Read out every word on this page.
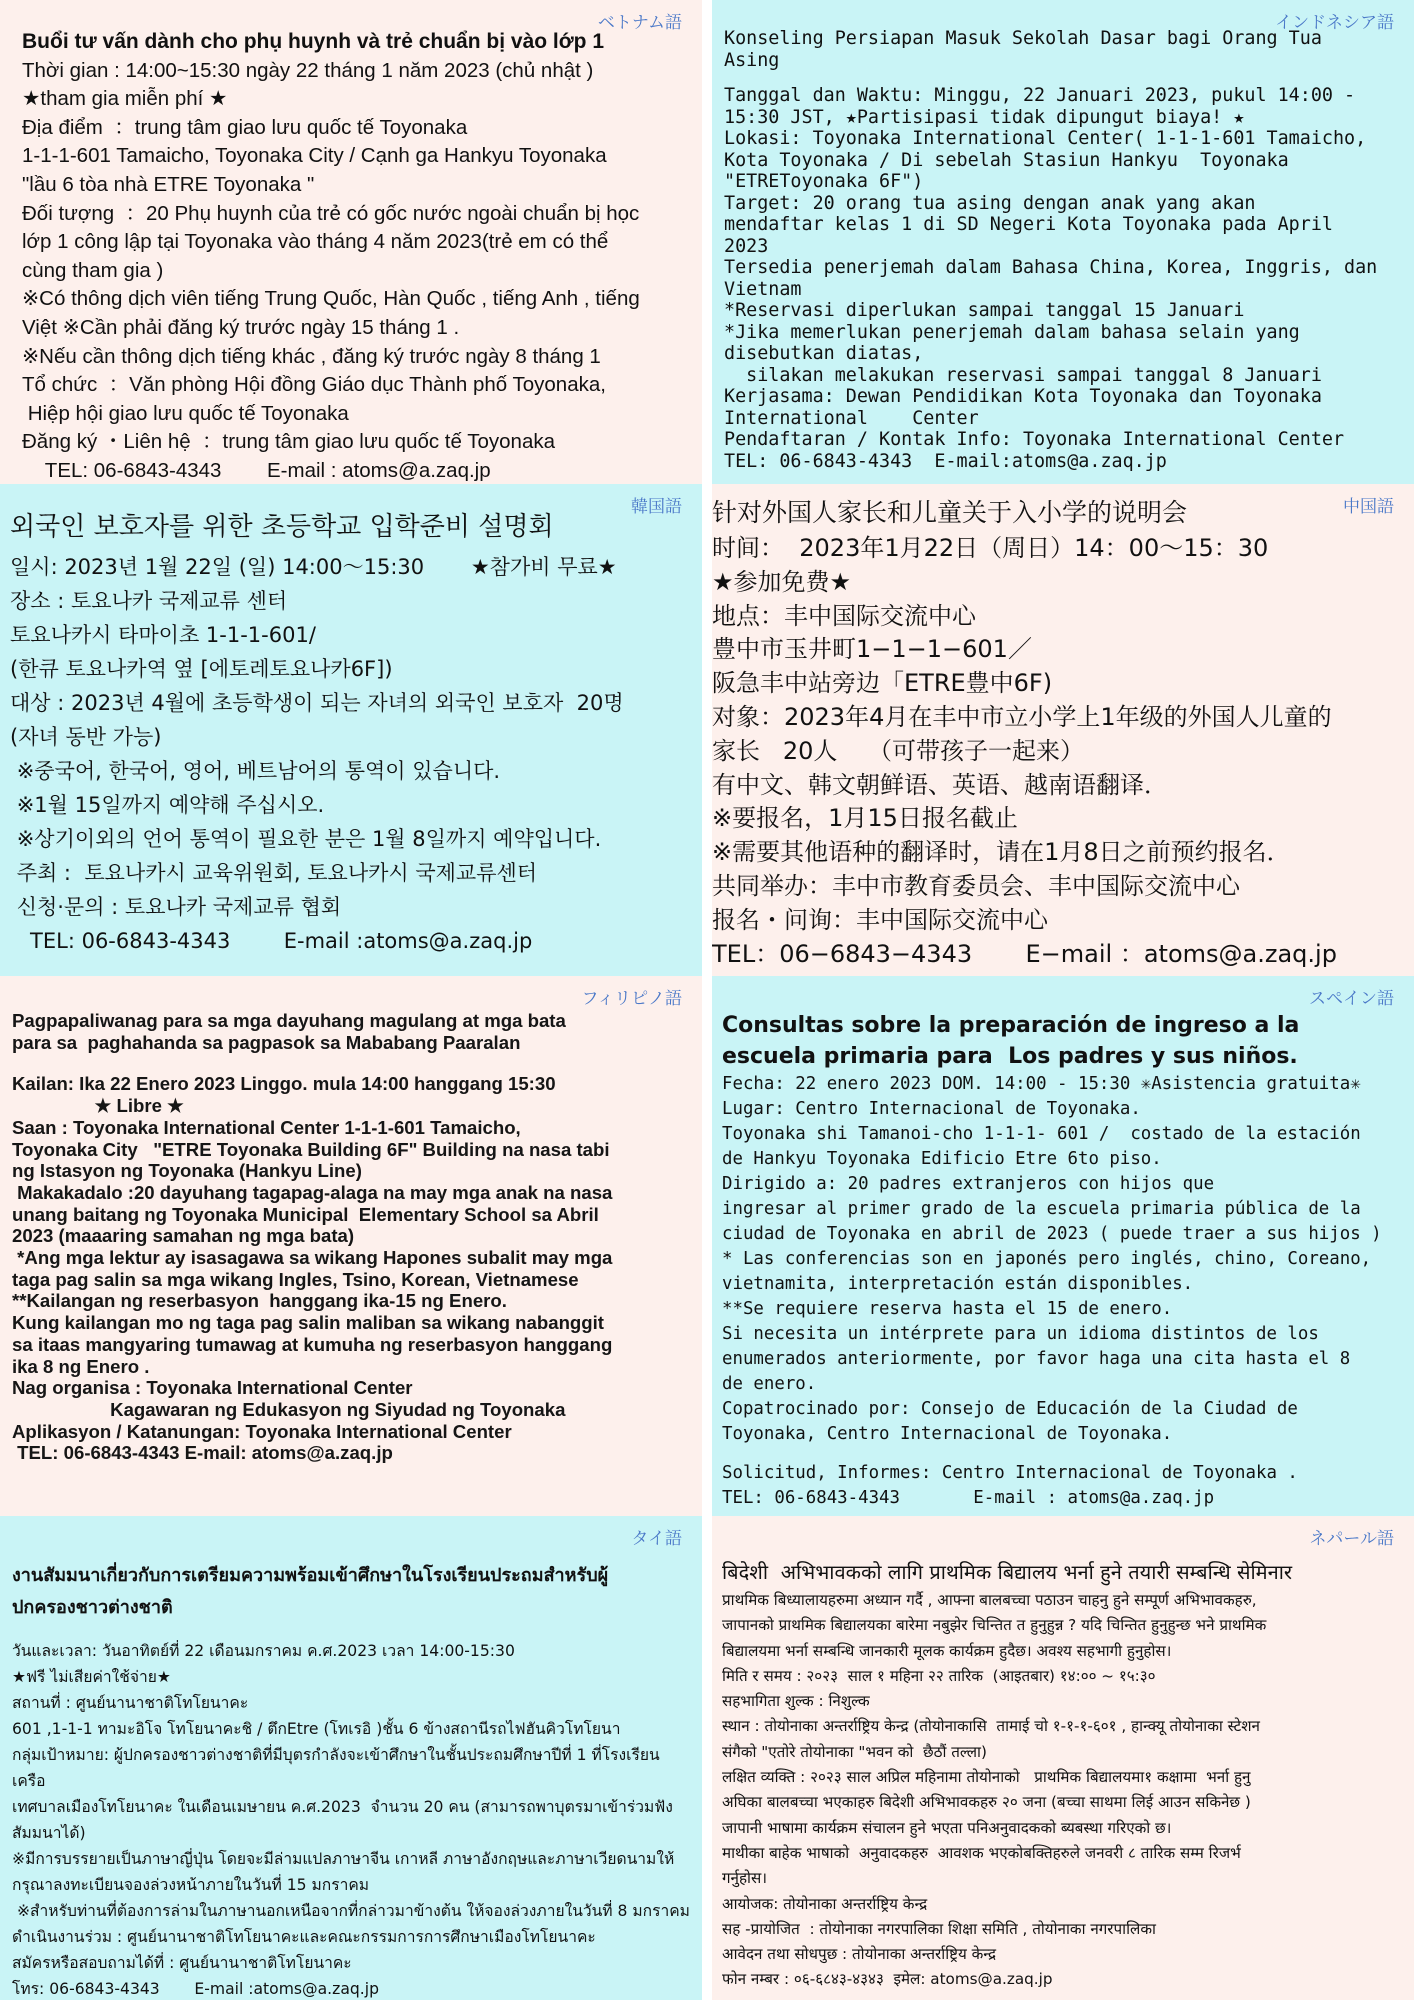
ベトナム語

Buổi tư vấn dành cho phụ huynh và trẻ chuẩn bị vào lớp 1

Thời gian : 14:00~15:30 ngày 22 tháng 1 năm 2023 (chủ nhật )

★tham gia miễn phí ★

Địa điểm  ：trung tâm giao lưu quốc tế Toyonaka

1-1-1-601 Tamaicho, Toyonaka City / Cạnh ga Hankyu Toyonaka

"lầu 6 tòa nhà ETRE Toyonaka "

Đối tượng  ：20 Phụ huynh của trẻ có gốc nước ngoài chuẩn bị học

lớp 1 công lập tại Toyonaka vào tháng 4 năm 2023(trẻ em có thể

cùng tham gia )

※Có thông dịch viên tiếng Trung Quốc, Hàn Quốc , tiếng Anh , tiếng

Việt ※Cần phải đăng ký trước ngày 15 tháng 1 .

※Nếu cần thông dịch tiếng khác , đăng ký trước ngày 8 tháng 1

Tổ chức  ：Văn phòng Hội đồng Giáo dục Thành phố Toyonaka,

Hiệp hội giao lưu quốc tế Toyonaka

Đăng ký ・Liên hệ  ：trung tâm giao lưu quốc tế Toyonaka

TEL: 06-6843-4343        E-mail : atoms@a.zaq.jp

インドネシア語

Konseling Persiapan Masuk Sekolah Dasar bagi Orang Tua

Asing

Tanggal dan Waktu: Minggu, 22 Januari 2023, pukul 14:00 -

15:30 JST, ★Partisipasi tidak dipungut biaya! ★

Lokasi: Toyonaka International Center( 1-1-1-601 Tamaicho,

Kota Toyonaka / Di sebelah Stasiun Hankyu  Toyonaka

"ETREToyonaka 6F")

Target: 20 orang tua asing dengan anak yang akan

mendaftar kelas 1 di SD Negeri Kota Toyonaka pada April

2023

Tersedia penerjemah dalam Bahasa China, Korea, Inggris, dan

Vietnam

*Reservasi diperlukan sampai tanggal 15 Januari

*Jika memerlukan penerjemah dalam bahasa selain yang

disebutkan diatas,

silakan melakukan reservasi sampai tanggal 8 Januari

Kerjasama: Dewan Pendidikan Kota Toyonaka dan Toyonaka

International    Center

Pendaftaran / Kontak Info: Toyonaka International Center

TEL: 06-6843-4343  E-mail:atoms@a.zaq.jp

韓国語

외국인 보호자를 위한 초등학교 입학준비 설명회

일시: 2023년 1월 22일 (일) 14:00～15:30       ★참가비 무료★

장소 : 토요나카 국제교류 센터

토요나카시 타마이초 1-1-1-601/

(한큐 토요나카역 옆 [에토레토요나카6F])

대상 : 2023년 4월에 초등학생이 되는 자녀의 외국인 보호자  20명

(자녀 동반 가능)

※중국어, 한국어, 영어, 베트남어의 통역이 있습니다.

※1월 15일까지 예약해 주십시오.

※상기이외의 언어 통역이 필요한 분은 1월 8일까지 예약입니다.

주최 :  토요나카시 교육위원회, 토요나카시 국제교류센터

신청·문의 : 토요나카 국제교류 협회

TEL: 06-6843-4343        E-mail :atoms@a.zaq.jp

中国語

针对外国人家长和儿童关于入小学的说明会

时间：  2023年1月22日（周日）14：00～15：30

★参加免费★

地点：丰中国际交流中心

豊中市玉井町1−1−1−601／

阪急丰中站旁边「ETRE豊中6F)

对象：2023年4月在丰中市立小学上1年级的外国人儿童的

家长   20人    （可带孩子一起来）

有中文、韩文朝鲜语、英语、越南语翻译．

※要报名，1月15日报名截止

※需要其他语种的翻译时，请在1月8日之前预约报名．

共同举办：丰中市教育委员会、丰中国际交流中心

报名・问询：丰中国际交流中心

TEL：06−6843−4343       E−mail ：atoms@a.zaq.jp

フィリピノ語

Pagpapaliwanag para sa mga dayuhang magulang at mga bata

para sa  paghahanda sa pagpasok sa Mababang Paaralan

Kailan: Ika 22 Enero 2023 Linggo. mula 14:00 hanggang 15:30

★ Libre ★

Saan : Toyonaka International Center 1-1-1-601 Tamaicho,

Toyonaka City   "ETRE Toyonaka Building 6F" Building na nasa tabi

ng Istasyon ng Toyonaka (Hankyu Line)

Makakadalo :20 dayuhang tagapag-alaga na may mga anak na nasa

unang baitang ng Toyonaka Municipal  Elementary School sa Abril

2023 (maaaring samahan ng mga bata)

*Ang mga lektur ay isasagawa sa wikang Hapones subalit may mga

taga pag salin sa mga wikang Ingles, Tsino, Korean, Vietnamese

**Kailangan ng reserbasyon  hanggang ika-15 ng Enero.

Kung kailangan mo ng taga pag salin maliban sa wikang nabanggit

sa itaas mangyaring tumawag at kumuha ng reserbasyon hanggang

ika 8 ng Enero .

Nag organisa : Toyonaka International Center

Kagawaran ng Edukasyon ng Siyudad ng Toyonaka

Aplikasyon / Katanungan: Toyonaka International Center

TEL: 06-6843-4343 E-mail: atoms@a.zaq.jp

スペイン語

Consultas sobre la preparación de ingreso a la

escuela primaria para  Los padres y sus niños.

Fecha: 22 enero 2023 DOM. 14:00 - 15:30 ✳Asistencia gratuita✳

Lugar: Centro Internacional de Toyonaka.

Toyonaka shi Tamanoi-cho 1-1-1- 601 /  costado de la estación

de Hankyu Toyonaka Edificio Etre 6to piso.

Dirigido a: 20 padres extranjeros con hijos que

ingresar al primer grado de la escuela primaria pública de la

ciudad de Toyonaka en abril de 2023 ( puede traer a sus hijos )

* Las conferencias son en japonés pero inglés, chino, Coreano,

vietnamita, interpretación están disponibles.

**Se requiere reserva hasta el 15 de enero.

Si necesita un intérprete para un idioma distintos de los

enumerados anteriormente, por favor haga una cita hasta el 8

de enero.

Copatrocinado por: Consejo de Educación de la Ciudad de

Toyonaka, Centro Internacional de Toyonaka.

Solicitud, Informes: Centro Internacional de Toyonaka .

TEL: 06-6843-4343       E-mail : atoms@a.zaq.jp

タイ語

งานสัมมนาเกี่ยวกับการเตรียมความพร้อมเข้าศึกษาในโรงเรียนประถมสำหรับผู้

ปกครองชาวต่างชาติ

วันและเวลา: วันอาทิตย์ที่ 22 เดือนมกราคม ค.ศ.2023 เวลา 14:00-15:30

★ฟรี ไม่เสียค่าใช้จ่าย★

สถานที่ : ศูนย์นานาชาติโทโยนาคะ

601 ,1-1-1 ทามะอิโจ โทโยนาคะชิ / ตึกEtre (โทเรอิ )ชั้น 6 ข้างสถานีรถไฟฮันคิวโทโยนา

กลุ่มเป้าหมาย: ผู้ปกครองชาวต่างชาติที่มีบุตรกำลังจะเข้าศึกษาในชั้นประถมศึกษาปีที่ 1 ที่โรงเรียนเครือ

เทศบาลเมืองโทโยนาคะ ในเดือนเมษายน ค.ศ.2023  จำนวน 20 คน (สามารถพาบุตรมาเข้าร่วมฟัง

สัมมนาได้)

※มีการบรรยายเป็นภาษาญี่ปุ่น โดยจะมีล่ามแปลภาษาจีน เกาหลี ภาษาอังกฤษและภาษาเวียดนามให้

กรุณาลงทะเบียนจองล่วงหน้าภายในวันที่ 15 มกราคม

※สำหรับท่านที่ต้องการล่ามในภาษานอกเหนือจากที่กล่าวมาข้างต้น ให้จองล่วงภายในวันที่ 8 มกราคม

ดำเนินงานร่วม : ศูนย์นานาชาติโทโยนาคะและคณะกรรมการการศึกษาเมืองโทโยนาคะ

สมัครหรือสอบถามได้ที่ : ศูนย์นานาชาติโทโยนาคะ

โทร: 06-6843-4343       E-mail :atoms@a.zaq.jp

ネパール語

बिदेशी  अभिभावकको लागि प्राथमिक बिद्यालय भर्ना हुने तयारी सम्बन्धि सेमिनार

प्राथमिक बिध्यालायहरुमा अध्यान गर्दै , आफ्ना बालबच्चा पठाउन चाहनु हुने सम्पूर्ण अभिभावकहरु,

जापानको प्राथमिक बिद्यालयका बारेमा नबुझेर चिन्तित त हुनुहुन्न ? यदि चिन्तित हुनुहुन्छ भने प्राथमिक

बिद्यालयमा भर्ना सम्बन्धि जानकारी मूलक कार्यक्रम हुदैछ। अवश्य सहभागी हुनुहोस।

मिति र समय : २०२३  साल १ महिना २२ तारिक  (आइतबार) १४:०० ~ १५:३०

सहभागिता शुल्क : निशुल्क

स्थान : तोयोनाका अन्तर्राष्ट्रिय केन्द्र (तोयोनाकासि  तामाई चो १-१-१-६०१ , हान्क्यू तोयोनाका स्टेशन

संगैको "एतोरे तोयोनाका "भवन को  छैठौं तल्ला)

लक्षित व्यक्ति : २०२३ साल अप्रिल महिनामा तोयोनाको   प्राथमिक बिद्यालयमा१ कक्षामा  भर्ना हुनु

अघिका बालबच्चा भएकाहरु बिदेशी अभिभावकहरु २० जना (बच्चा साथमा लिई आउन सकिनेछ )

जापानी भाषामा कार्यक्रम संचालन हुने भएता पनिअनुवादकको ब्यबस्था गरिएको छ।

माथीका बाहेक भाषाको  अनुवादकहरु  आवशक भएकोबक्तिहरुले जनवरी ८ तारिक सम्म रिजर्भ

गर्नुहोस।

आयोजक: तोयोनाका अन्तर्राष्ट्रिय केन्द्र

सह -प्रायोजित  : तोयोनाका नगरपालिका शिक्षा समिति , तोयोनाका नगरपालिका

आवेदन तथा सोधपुछ : तोयोनाका अन्तर्राष्ट्रिय केन्द्र

फोन नम्बर : ०६-६८४३-४३४३  इमेल: atoms@a.zaq.jp
